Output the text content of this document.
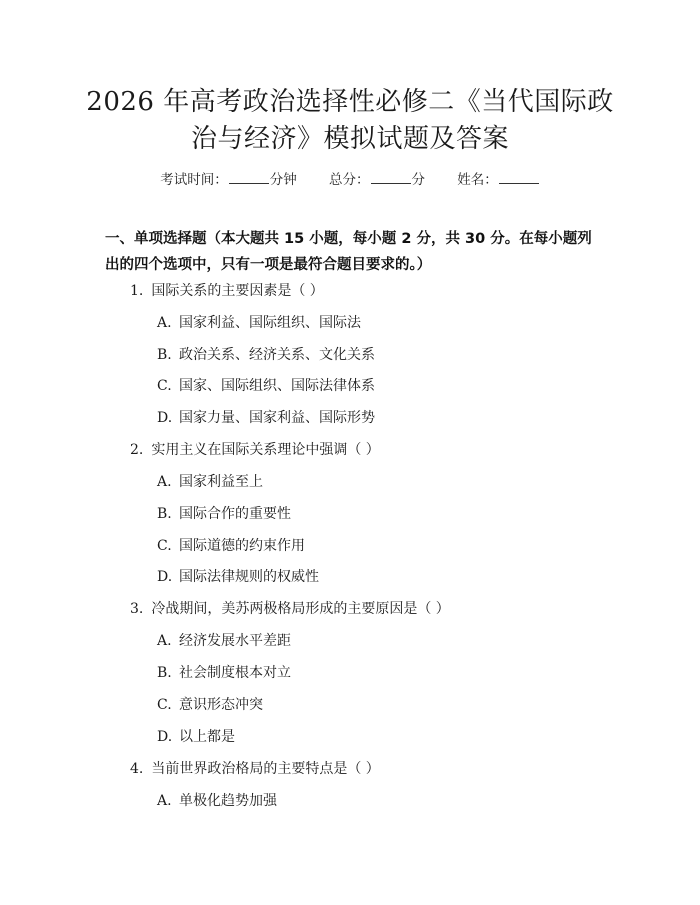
2026 年高考政治选择性必修二《当代国际政
治与经济》模拟试题及答案
考试时间：	分钟 总分：	分 姓名：
一、单项选择题（本大题共 15 小题，每小题 2 分，共 30 分。在每小题列出的四个选项中，只有一项是最符合题目要求的。）
1. 国际关系的主要因素是（ ）
A. 国家利益、国际组织、国际法
B. 政治关系、经济关系、文化关系
C. 国家、国际组织、国际法律体系
D. 国家力量、国家利益、国际形势
2. 实用主义在国际关系理论中强调（ ）
A. 国家利益至上
B. 国际合作的重要性
C. 国际道德的约束作用
D. 国际法律规则的权威性
3. 冷战期间，美苏两极格局形成的主要原因是（ ）
A. 经济发展水平差距
B. 社会制度根本对立
C. 意识形态冲突
D. 以上都是
4. 当前世界政治格局的主要特点是（ ）
A. 单极化趋势加强
